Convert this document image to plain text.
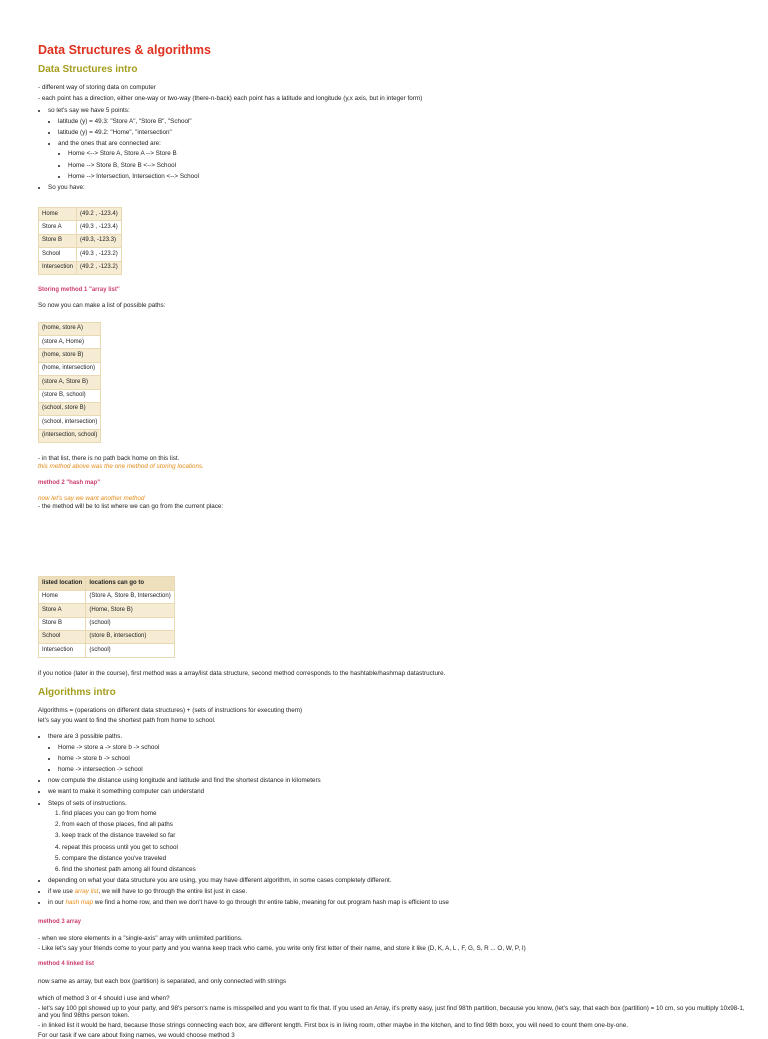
Data Structures & algorithms
Data Structures intro

- different way of storing data on computer

- each point has a direction, either one-way or two-way (there-n-back) each point has a latitude and longitude (y,x axis, but in integer form)

• so let's say we have 5 points:
• latitude (y) = 49.3: "Store A", "Store B", "School"
• latitude (y) = 49.2: "Home", "intersection"
• and the ones that are connected are:
• Home <--> Store A, Store A --> Store B
• Home --> Store B, Store B <--> School
• Home --> Intersection, Intersection <--> School
• So you have:
Home	(49.2 , -123.4)
Store A	(49.3 , -123.4)
Store B	(49.3, -123.3)
School	(49.3 , -123.2)
Intersection	(49.2 , -123.2)

Storing method 1 "array list"

So now you can make a list of possible paths:

(home, store A)
(store A, Home)
(home, store B)
(home, intersection)
(store A, Store B)
(store B, school)
(school, store B)
(school, intersection)
(intersection, school)

- in that list, there is no path back home on this list.

this method above was the one method of storing locations.

method 2 "hash map"

now let's say we want another method

- the method will be to list where we can go from the current place:

listed location	locations can go to
Home	(Store A, Store B, Intersection)
Store A	(Home, Store B)
Store B	(school)
School	(store B, intersection)
Intersection	(school)

if you notice (later in the course), first method was a array/list data structure, second method corresponds to the hashtable/hashmap datastructure.

Algorithms intro

Algorithms = (operations on different data structures) + (sets of instructions for executing them)

let's say you want to find the shortest path from home to school.

• there are 3 possible paths.
• Home -> store a -> store b -> school
• home -> store b -> school
• home -> intersection -> school
• now compute the distance using longitude and latitude and find the shortest distance in kilometers
• we want to make it something computer can understand
• Steps of sets of instructions.
1. find places you can go from home
2. from each of those places, find all paths
3. keep track of the distance traveled so far
4. repeat this process until you get to school
5. compare the distance you've traveled
6. find the shortest path among all found distances
• depending on what your data structure you are using, you may have different algorithm, in some cases completely different.
• if we use array list, we will have to go through the entire list just in case.
• in our hash map we find a home row, and then we don't have to go through thr entire table, meaning for out program hash map is efficient to use

method 3 array

- when we store elements in a "single-axis" array with unlimited partitions.

- Like let's say your friends come to your party and you wanna keep track who came, you write only first letter of their name, and store it like (D, K, A, L , F, G, S, R ... O, W, P, I)

method 4 linked list

now same as array, but each box (partition) is separated, and only connected with strings

which of method 3 or 4 should i use and when?

- let's say 100 ppl showed up to your party, and 98's person's name is misspelled and you want to fix that. If you used an Array, it's pretty easy, just find 98'th partition, because you know, (let's say, that each box (partition) = 10 cm, so you multiply 10x98-1, and you find 98ths person token.

- in linked list it would be hard, because those strings connecting each box, are different length. First box is in living room, other maybe in the kitchen, and to find 98th boxx, you will need to count them one-by-one.

For our task if we care about fixing names, we would choose method 3
